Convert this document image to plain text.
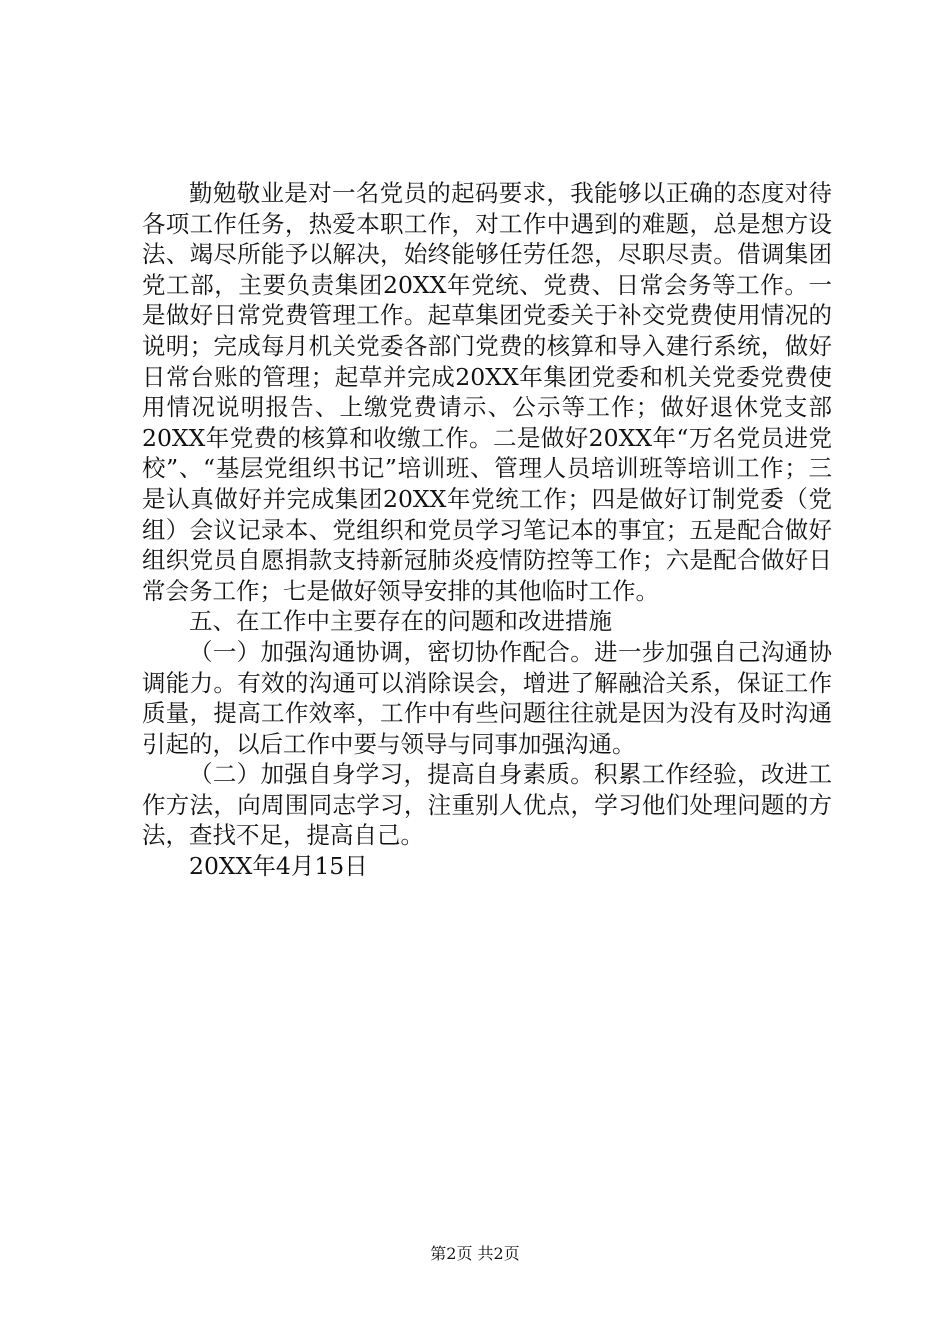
勤勉敬业是对一名党员的起码要求，我能够以正确的态度对待各项工作任务，热爱本职工作，对工作中遇到的难题，总是想方设法、竭尽所能予以解决，始终能够任劳任怨，尽职尽责。借调集团党工部，主要负责集团20XX年党统、党费、日常会务等工作。一是做好日常党费管理工作。起草集团党委关于补交党费使用情况的说明；完成每月机关党委各部门党费的核算和导入建行系统，做好日常台账的管理；起草并完成20XX年集团党委和机关党委党费使用情况说明报告、上缴党费请示、公示等工作；做好退休党支部20XX年党费的核算和收缴工作。二是做好20XX年“万名党员进党校”、“基层党组织书记”培训班、管理人员培训班等培训工作；三是认真做好并完成集团20XX年党统工作；四是做好订制党委（党组）会议记录本、党组织和党员学习笔记本的事宜；五是配合做好组织党员自愿捐款支持新冠肺炎疫情防控等工作；六是配合做好日常会务工作；七是做好领导安排的其他临时工作。

五、在工作中主要存在的问题和改进措施

（一）加强沟通协调，密切协作配合。进一步加强自己沟通协调能力。有效的沟通可以消除误会，增进了解融洽关系，保证工作质量，提高工作效率，工作中有些问题往往就是因为没有及时沟通引起的，以后工作中要与领导与同事加强沟通。

（二）加强自身学习，提高自身素质。积累工作经验，改进工作方法，向周围同志学习，注重别人优点，学习他们处理问题的方法，查找不足，提高自己。

20XX年4月15日

第2页 共2页
